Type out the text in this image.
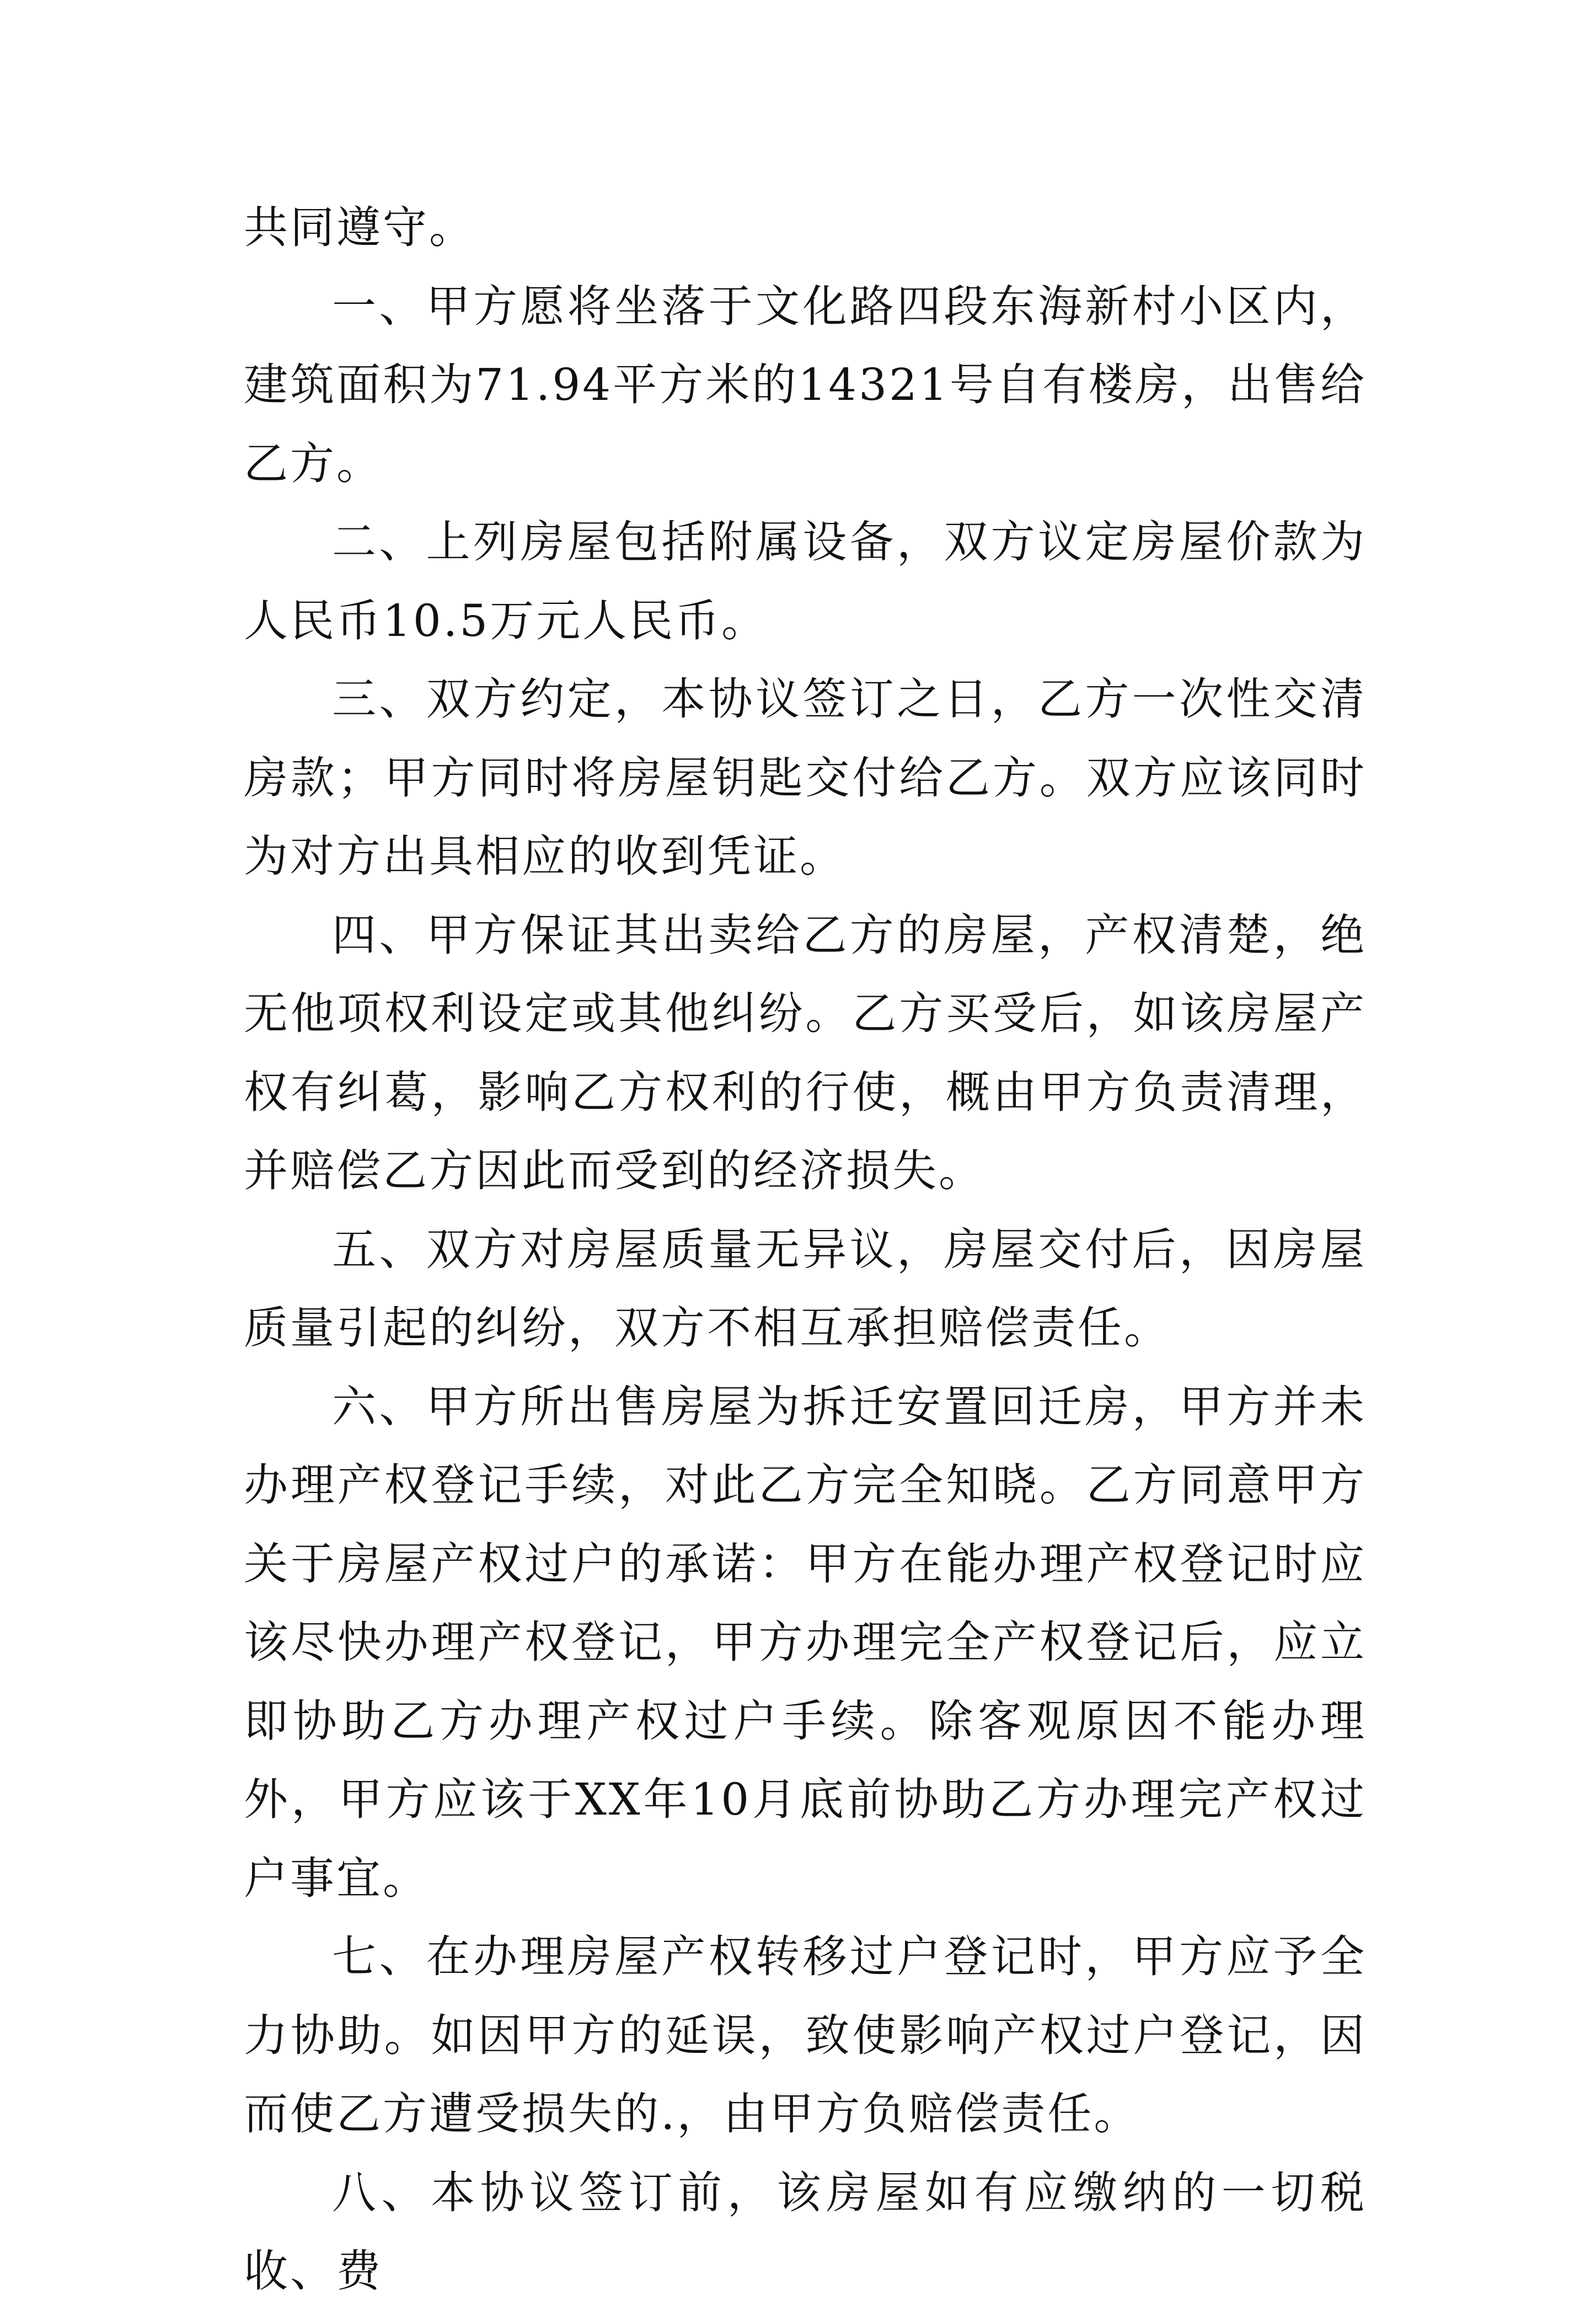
共同遵守。

一、甲方愿将坐落于文化路四段东海新村小区内，建筑面积为71.94平方米的14321号自有楼房，出售给乙方。

二、上列房屋包括附属设备，双方议定房屋价款为人民币10.5万元人民币。

三、双方约定，本协议签订之日，乙方一次性交清房款；甲方同时将房屋钥匙交付给乙方。双方应该同时为对方出具相应的收到凭证。

四、甲方保证其出卖给乙方的房屋，产权清楚，绝无他项权利设定或其他纠纷。乙方买受后，如该房屋产权有纠葛，影响乙方权利的行使，概由甲方负责清理，并赔偿乙方因此而受到的经济损失。

五、双方对房屋质量无异议，房屋交付后，因房屋质量引起的纠纷，双方不相互承担赔偿责任。

六、甲方所出售房屋为拆迁安置回迁房，甲方并未办理产权登记手续，对此乙方完全知晓。乙方同意甲方关于房屋产权过户的承诺：甲方在能办理产权登记时应该尽快办理产权登记，甲方办理完全产权登记后，应立即协助乙方办理产权过户手续。除客观原因不能办理外，甲方应该于XX年10月底前协助乙方办理完产权过户事宜。

七、在办理房屋产权转移过户登记时，甲方应予全力协助。如因甲方的延误，致使影响产权过户登记，因而使乙方遭受损失的.，由甲方负赔偿责任。

八、本协议签订前，该房屋如有应缴纳的一切税收、费
